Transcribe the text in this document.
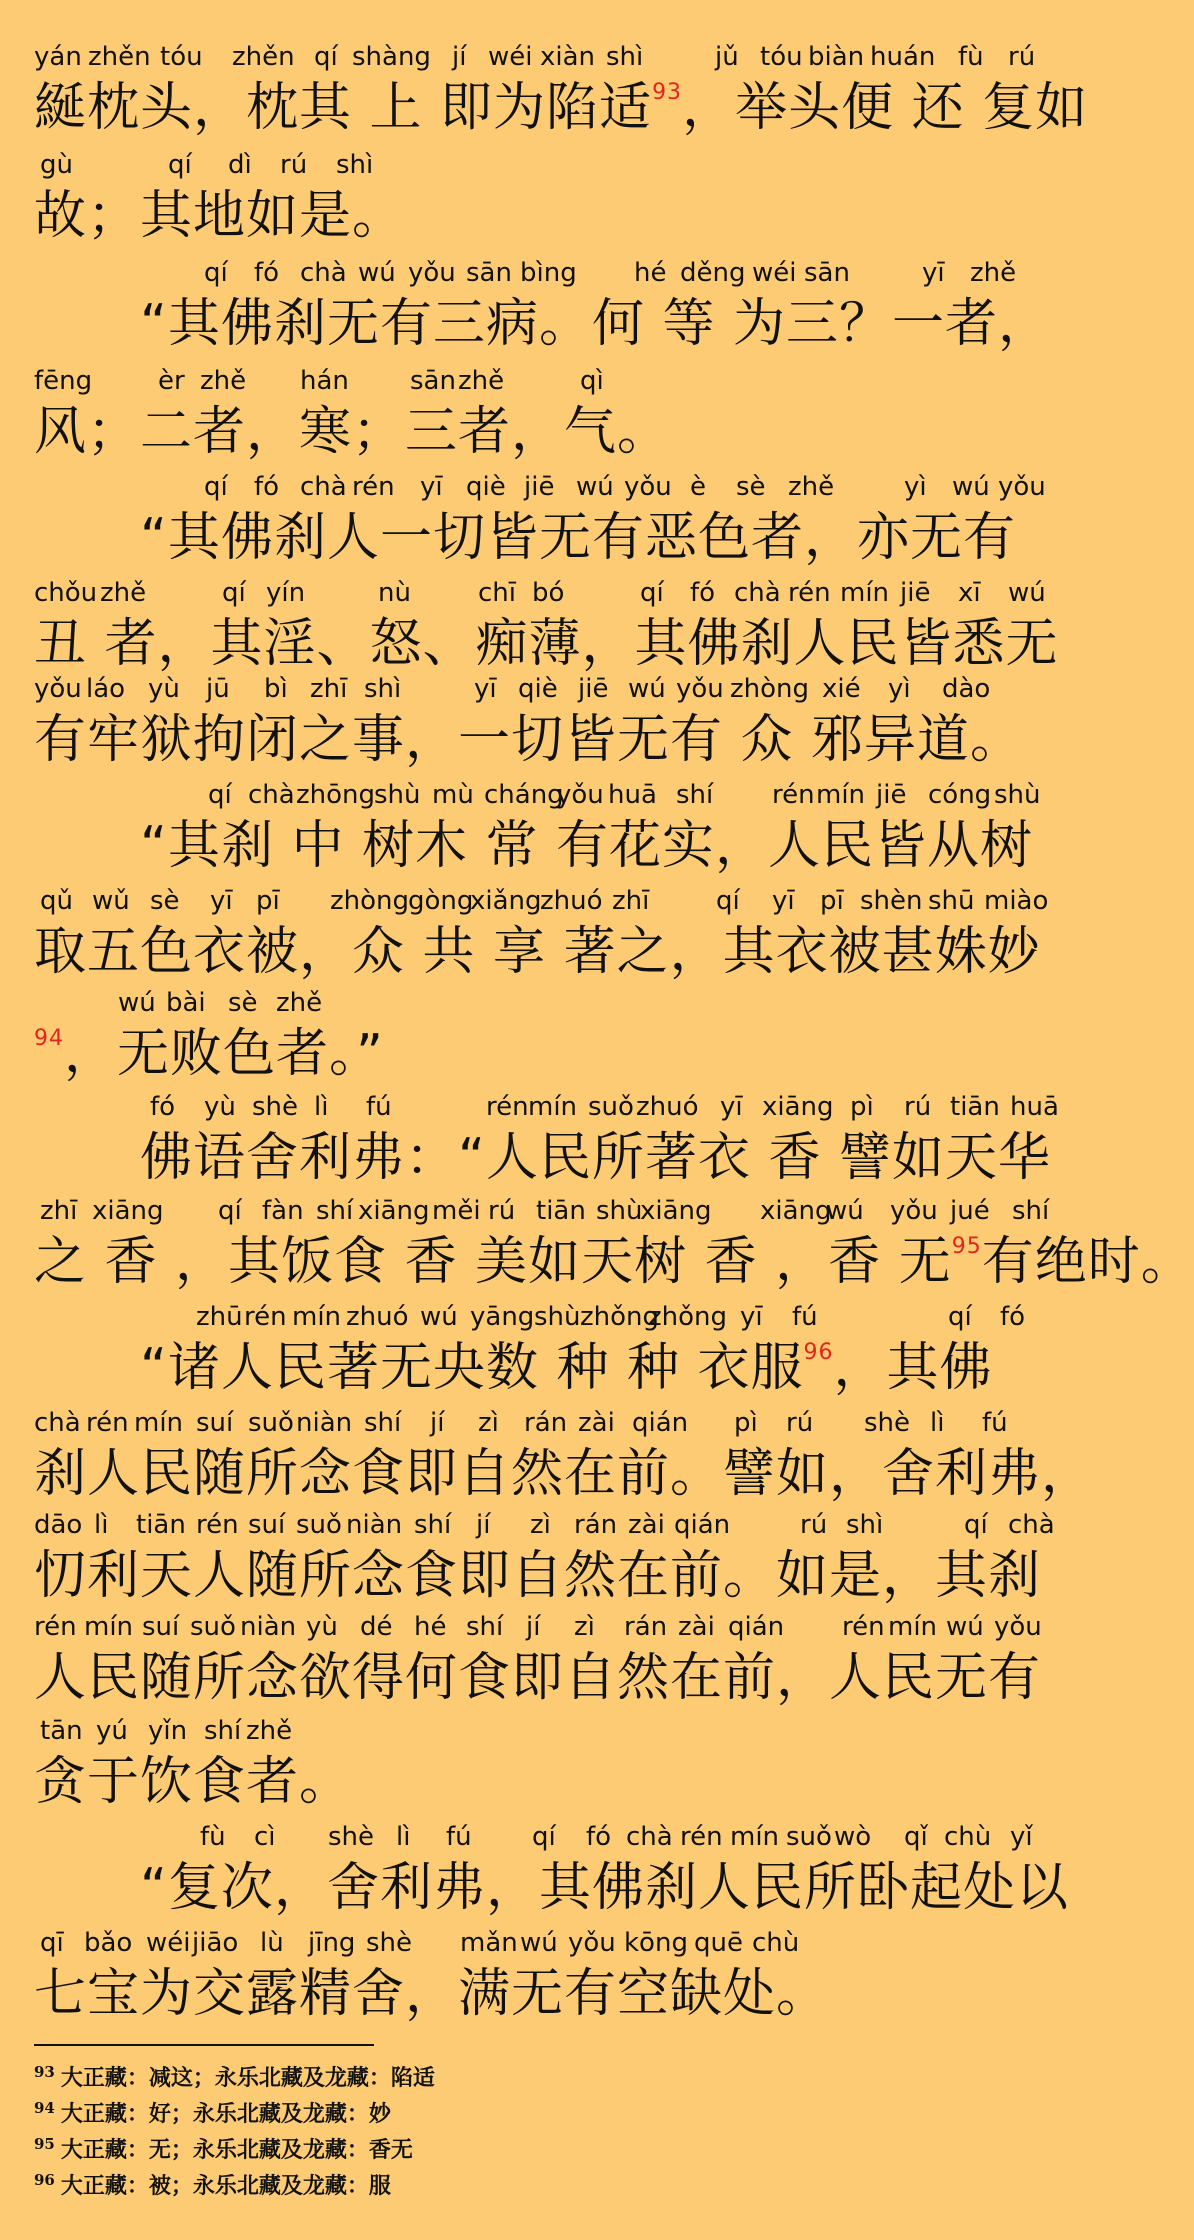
yán zhěn tóu zhěn qí shàng jí wéi xiàn shì	jǔ tóu biàn huán fù rú
綖枕头，枕其 上 即为陷适$^{93}$，举头便 还 复如
gù	qí dì rú shì
故；其地如是。
qí fó chà wú yǒu sān bìng hé děng wéi sān	yī zhě
“其佛刹无有三病。何 等 为三？一者，
fēng	èr zhě hán sān zhě	qì
风；二者，寒；三者，气。
qí fó chà rén yī qiè jiē wú yǒu è sè zhě	yì wú yǒu
“其佛刹人一切皆无有恶色者，亦无有
chǒu zhě	qí yín	nù	chī bó	qí fó chà rén mín jiē xī wú
丑 者，其淫、怒、痴薄，其佛刹人民皆悉无
yǒu láo yù jū bì zhī shì	yī qiè jiē wú yǒu zhòng xié yì dào
有牢狱拘闭之事，一切皆无有 众 邪异道。
qí chà zhōng
shù mù cháng
yǒu huā shí rén mín jiē cóng shù
“其刹 中 树木 常 有花实，人民皆从树
qǔ wǔ sè yī pī zhòng
gòng
xiǎng
zhuó zhī	qí yī pī shèn shū miào
取五色衣被，众 共 享 著之，其衣被甚姝妙
wú bài sè zhě
$^{94}$，无败色者。”
fó yù shè lì fú	rén mín suǒ zhuó yī xiāng pì rú tiān huā
佛语舍利弗：“人民所著衣 香 譬如天华
zhī xiāng qí fàn shí xiāng měi rú tiān shù
xiāng xiāng
wú yǒu jué shí
之 香 ，其饭食 香 美如天树 香 ，香 无$^{95}$有绝时。
zhū rén mín zhuó wú yāng shù zhǒng
zhǒng yī fú	qí fó
“诸人民著无央数 种 种 衣服$^{96}$，其佛
chà rén mín suí suǒ niàn shí jí zì rán zài qián pì rú shè lì fú
刹人民随所念食即自然在前。譬如，舍利弗，
dāo lì tiān rén suí suǒ niàn shí jí zì rán zài qián	rú shì	qí chà
忉利天人随所念食即自然在前。如是，其刹
rén mín suí suǒ niàn yù dé hé shí jí zì rán zài qián rén mín wú yǒu
人民随所念欲得何食即自然在前，人民无有
tān yú yǐn shí zhě
贪于饮食者。
fù cì shè lì fú qí fó chà rén mín suǒ wò qǐ chù yǐ
“复次，舍利弗，其佛刹人民所卧起处以
qī bǎo wéi jiāo lù jīng shè mǎn wú yǒu kōng quē chù
七宝为交露精舍，满无有空缺处。
$^{93}$ 大正藏：减这；永乐北藏及龙藏：陷适
$^{94}$ 大正藏：好；永乐北藏及龙藏：妙
$^{95}$ 大正藏：无；永乐北藏及龙藏：香无
$^{96}$ 大正藏：被；永乐北藏及龙藏：服
